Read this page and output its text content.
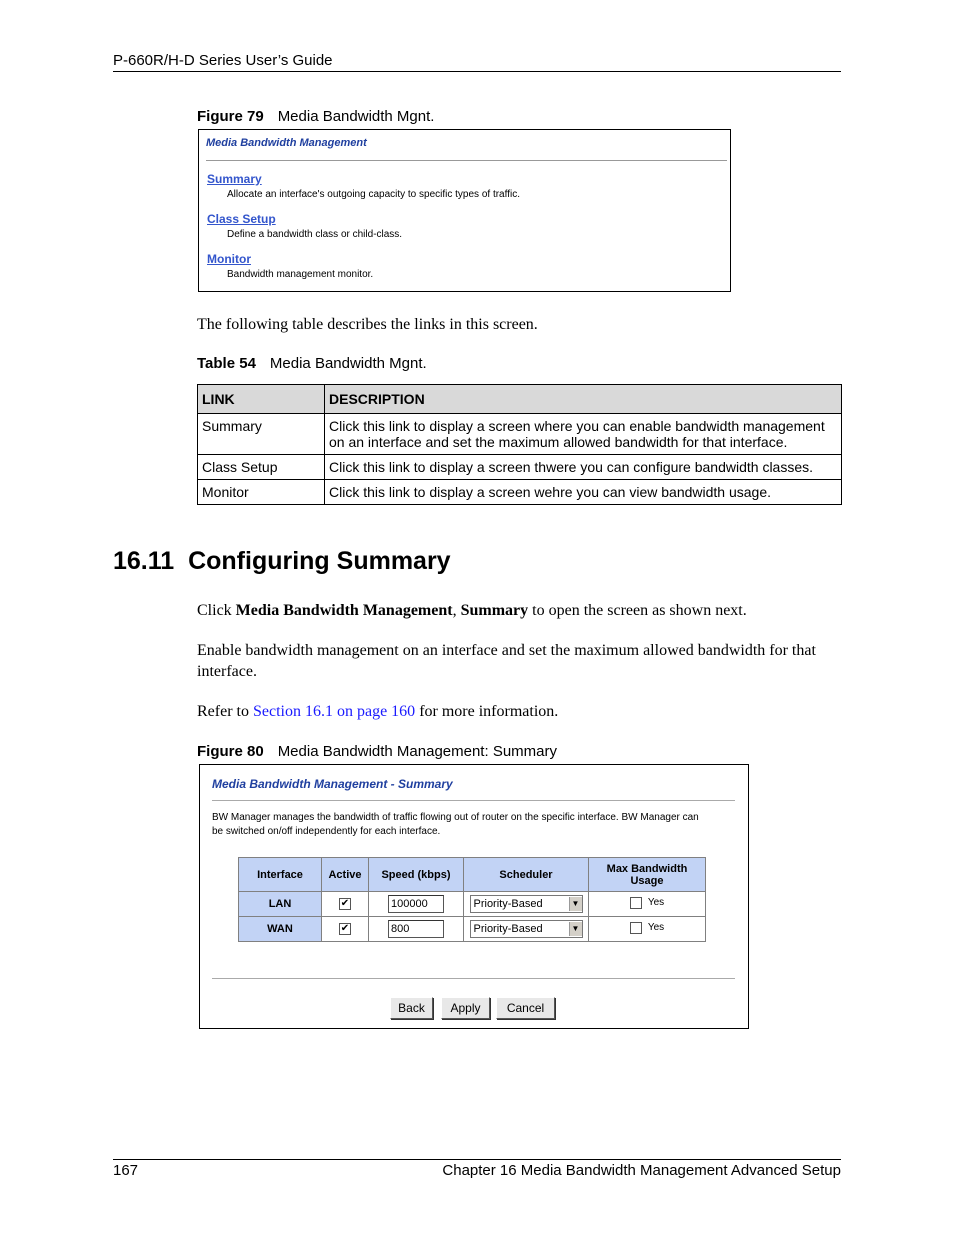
P-660R/H-D Series User’s Guide
Figure 79 Media Bandwidth Mgnt.
Media Bandwidth Management
Summary
Allocate an interface's outgoing capacity to specific types of traffic.
Class Setup
Define a bandwidth class or child-class.
Monitor
Bandwidth management monitor.
The following table describes the links in this screen.
Table 54 Media Bandwidth Mgnt.
LINK	DESCRIPTION
Summary	Click this link to display a screen where you can enable bandwidth management on an interface and set the maximum allowed bandwidth for that interface.
Class Setup	Click this link to display a screen thwere you can configure bandwidth classes.
Monitor	Click this link to display a screen wehre you can view bandwidth usage.
16.11  Configuring Summary
Click Media Bandwidth Management, Summary to open the screen as shown next.
Enable bandwidth management on an interface and set the maximum allowed bandwidth for that interface.
Refer to Section 16.1 on page 160 for more information.
Figure 80 Media Bandwidth Management: Summary
Media Bandwidth Management - Summary
BW Manager manages the bandwidth of traffic flowing out of router on the specific interface. BW Manager can be switched on/off independently for each interface.
Interface	Active	Speed (kbps)	Scheduler	Max Bandwidth Usage
LAN	✔	100000	Priority-Based ▼	Yes

WAN	✔	800	Priority-Based ▼	Yes
Back	Apply	Cancel
167	Chapter 16 Media Bandwidth Management Advanced Setup
